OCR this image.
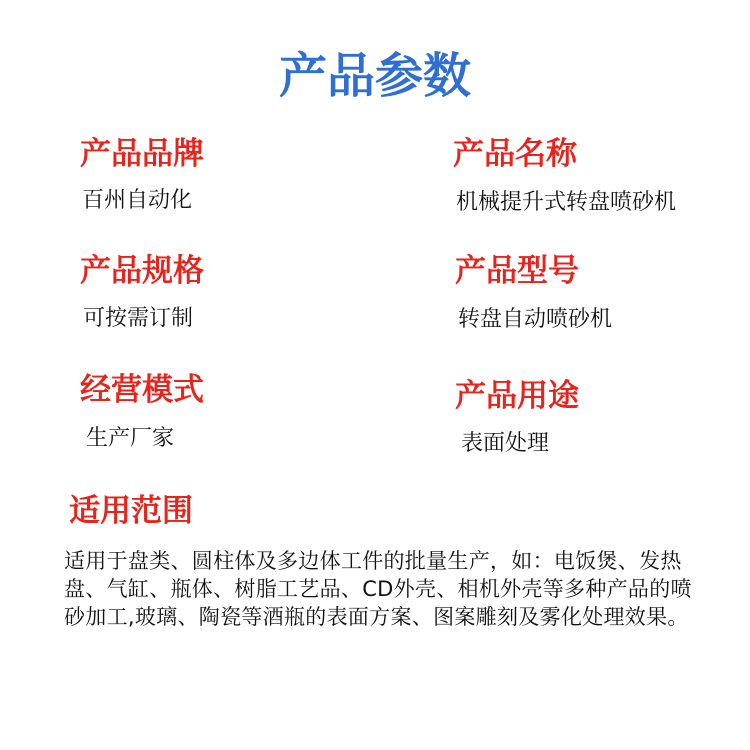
产品参数
产品品牌
百州自动化
产品名称
机械提升式转盘喷砂机
产品规格
可按需订制
产品型号
转盘自动喷砂机
经营模式
生产厂家
产品用途
表面处理
适用范围
适用于盘类、圆柱体及多边体工件的批量生产，如：电饭煲、发热盘、气缸、瓶体、树脂工艺品、CD外壳、相机外壳等多种产品的喷砂加工,玻璃、陶瓷等酒瓶的表面方案、图案雕刻及雾化处理效果。
